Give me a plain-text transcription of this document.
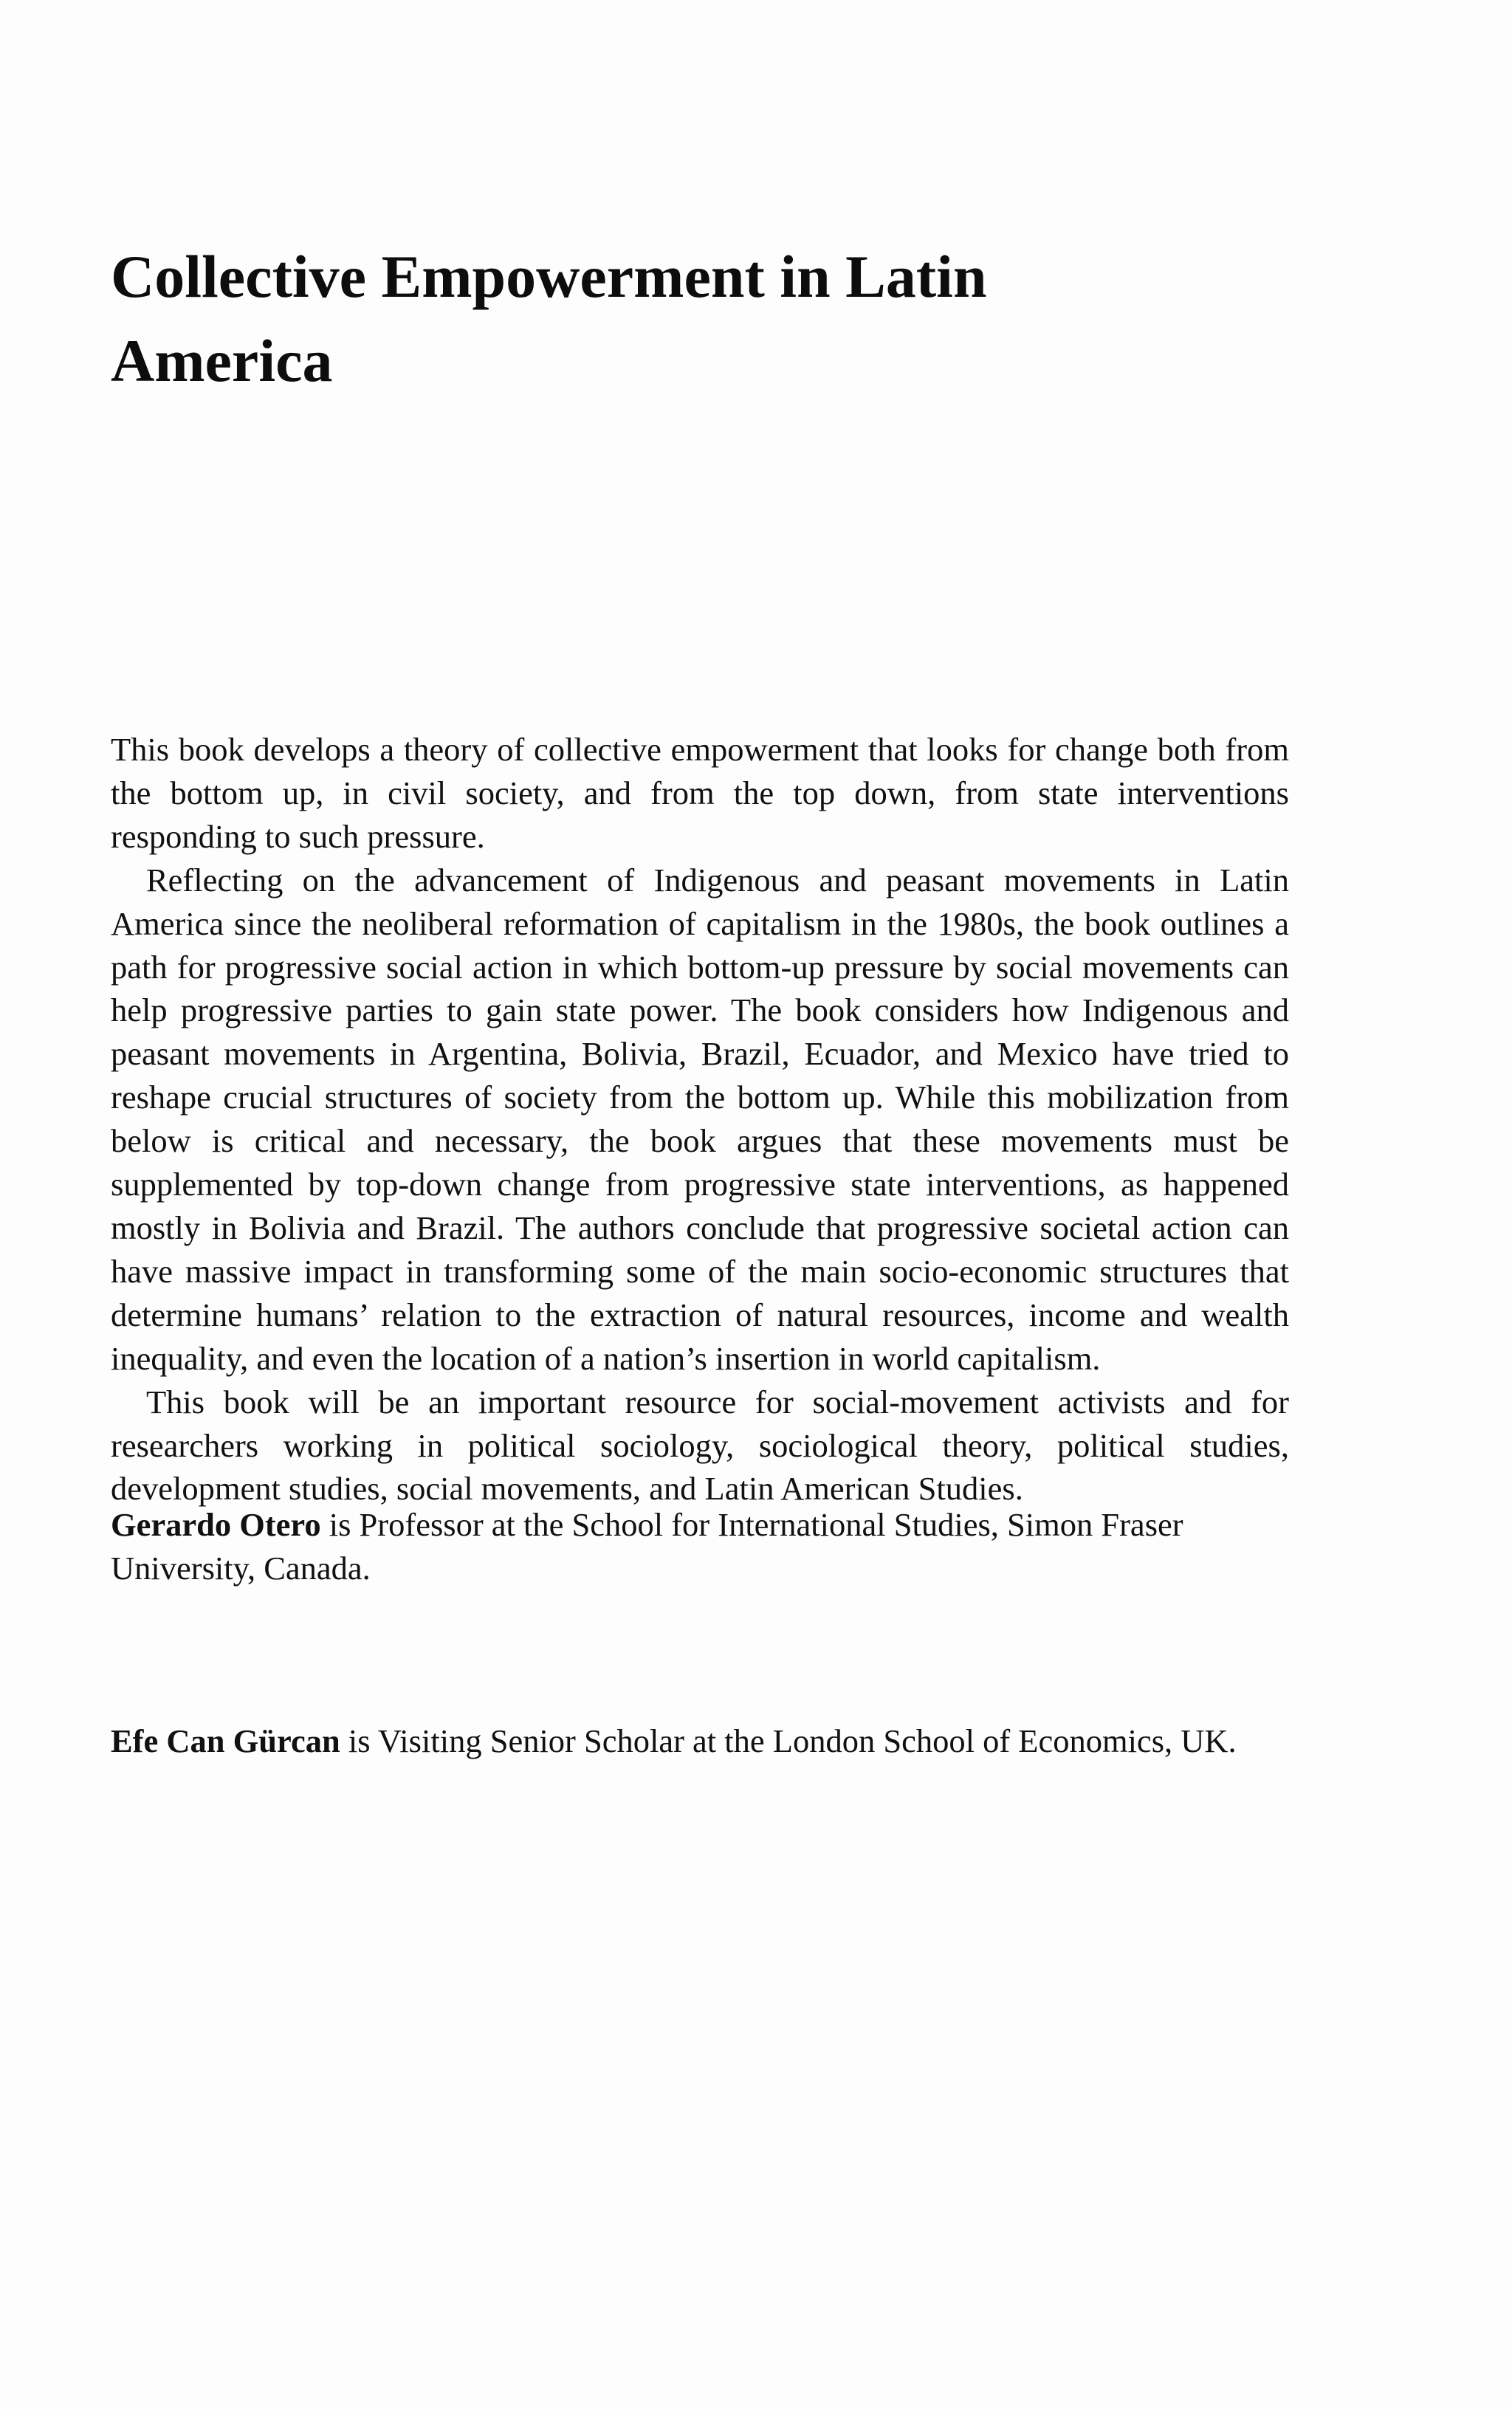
Collective Empowerment in Latin
America

This book develops a theory of collective empowerment that looks for change both from the bottom up, in civil society, and from the top down, from state interventions responding to such pressure.

Reflecting on the advancement of Indigenous and peasant movements in Latin America since the neoliberal reformation of capitalism in the 1980s, the book outlines a path for progressive social action in which bottom-up pressure by social movements can help progressive parties to gain state power. The book considers how Indigenous and peasant movements in Argentina, Bolivia, Brazil, Ecuador, and Mexico have tried to reshape crucial structures of society from the bottom up. While this mobilization from below is critical and necessary, the book argues that these movements must be supplemented by top-down change from progressive state interventions, as happened mostly in Bolivia and Brazil. The authors conclude that progressive societal action can have massive impact in transforming some of the main socio-economic structures that determine humans’ relation to the extraction of natural resources, income and wealth inequality, and even the location of a nation’s insertion in world capitalism.

This book will be an important resource for social-movement activists and for researchers working in political sociology, sociological theory, political studies, development studies, social movements, and Latin American Studies.

Gerardo Otero is Professor at the School for International Studies, Simon Fraser University, Canada.

Efe Can Gürcan is Visiting Senior Scholar at the London School of Economics, UK.
